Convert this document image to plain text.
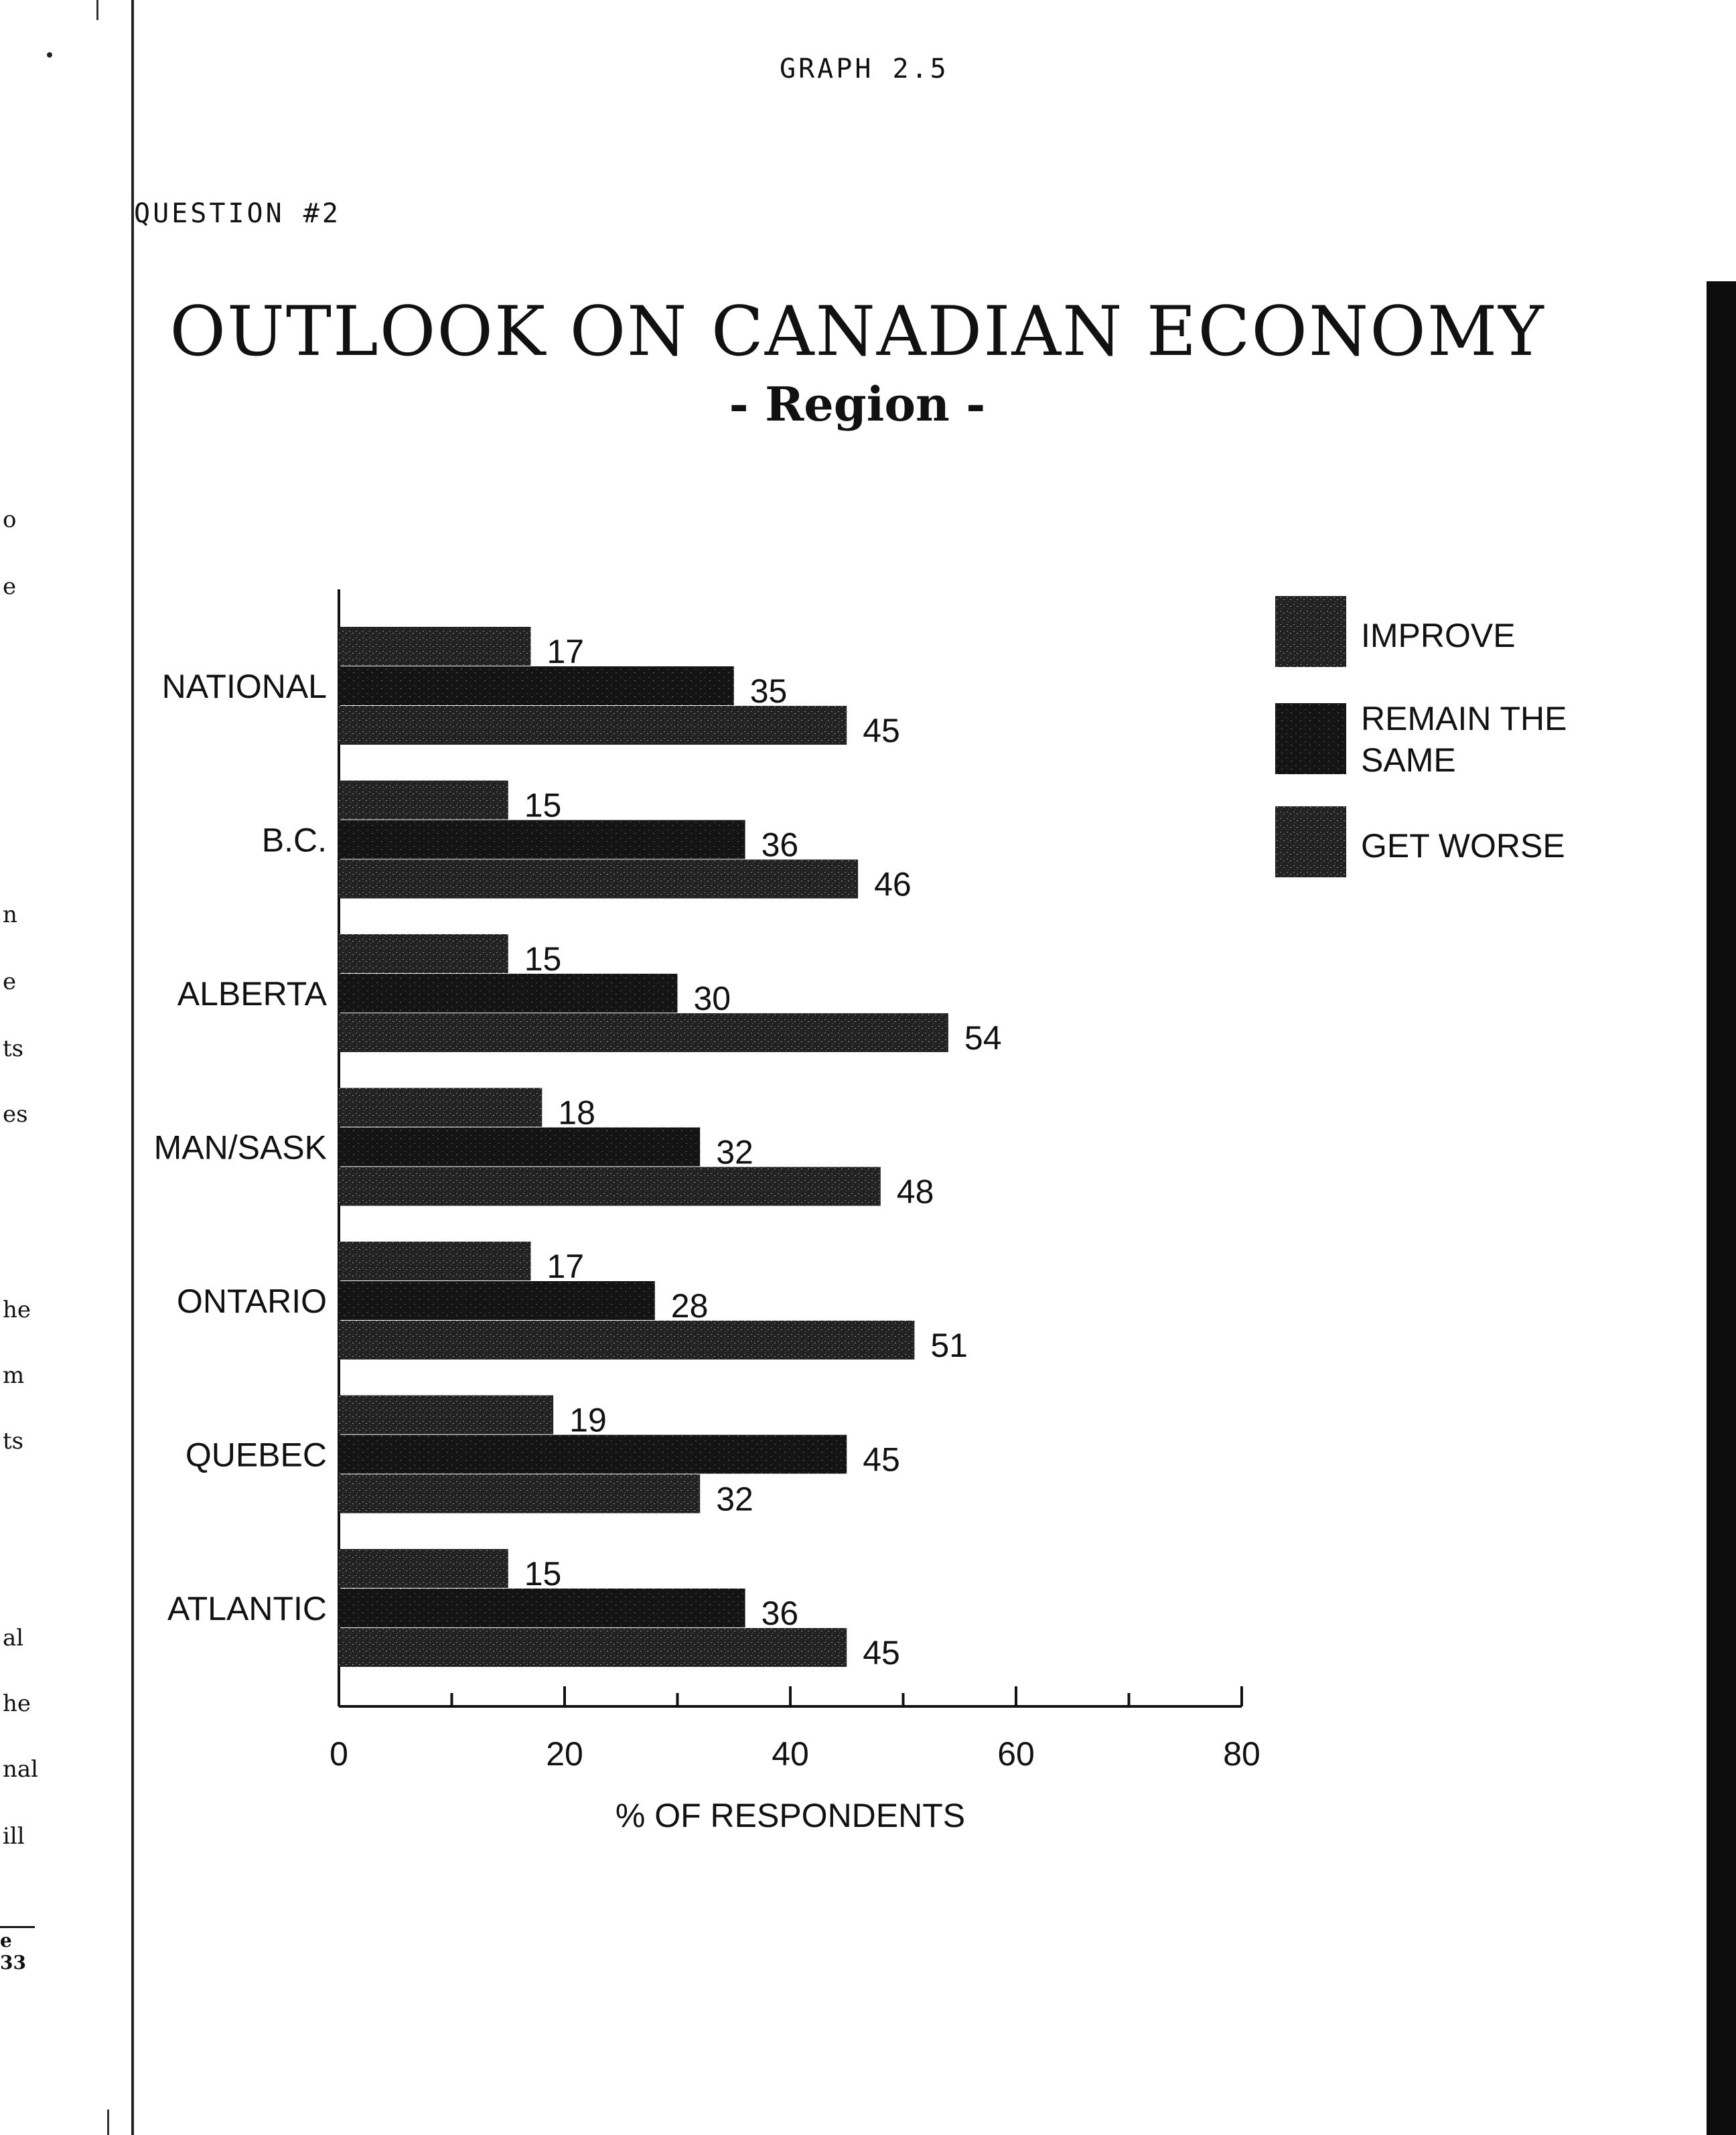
GRAPH 2.5
QUESTION #2
OUTLOOK ON CANADIAN ECONOMY
- Region -
o
e
n
e
ts
es
he
m
ts
al
he
nal
ill
e 33
0	20	40	60	80
% OF RESPONDENTS
NATIONAL
17
35
45
B.C.
15
36
46
ALBERTA
15
30
54
MAN/SASK
18
32
48
ONTARIO
17
28
51
QUEBEC
19
45
32
ATLANTIC
15
36
45
IMPROVE
REMAIN THE
SAME
GET WORSE
